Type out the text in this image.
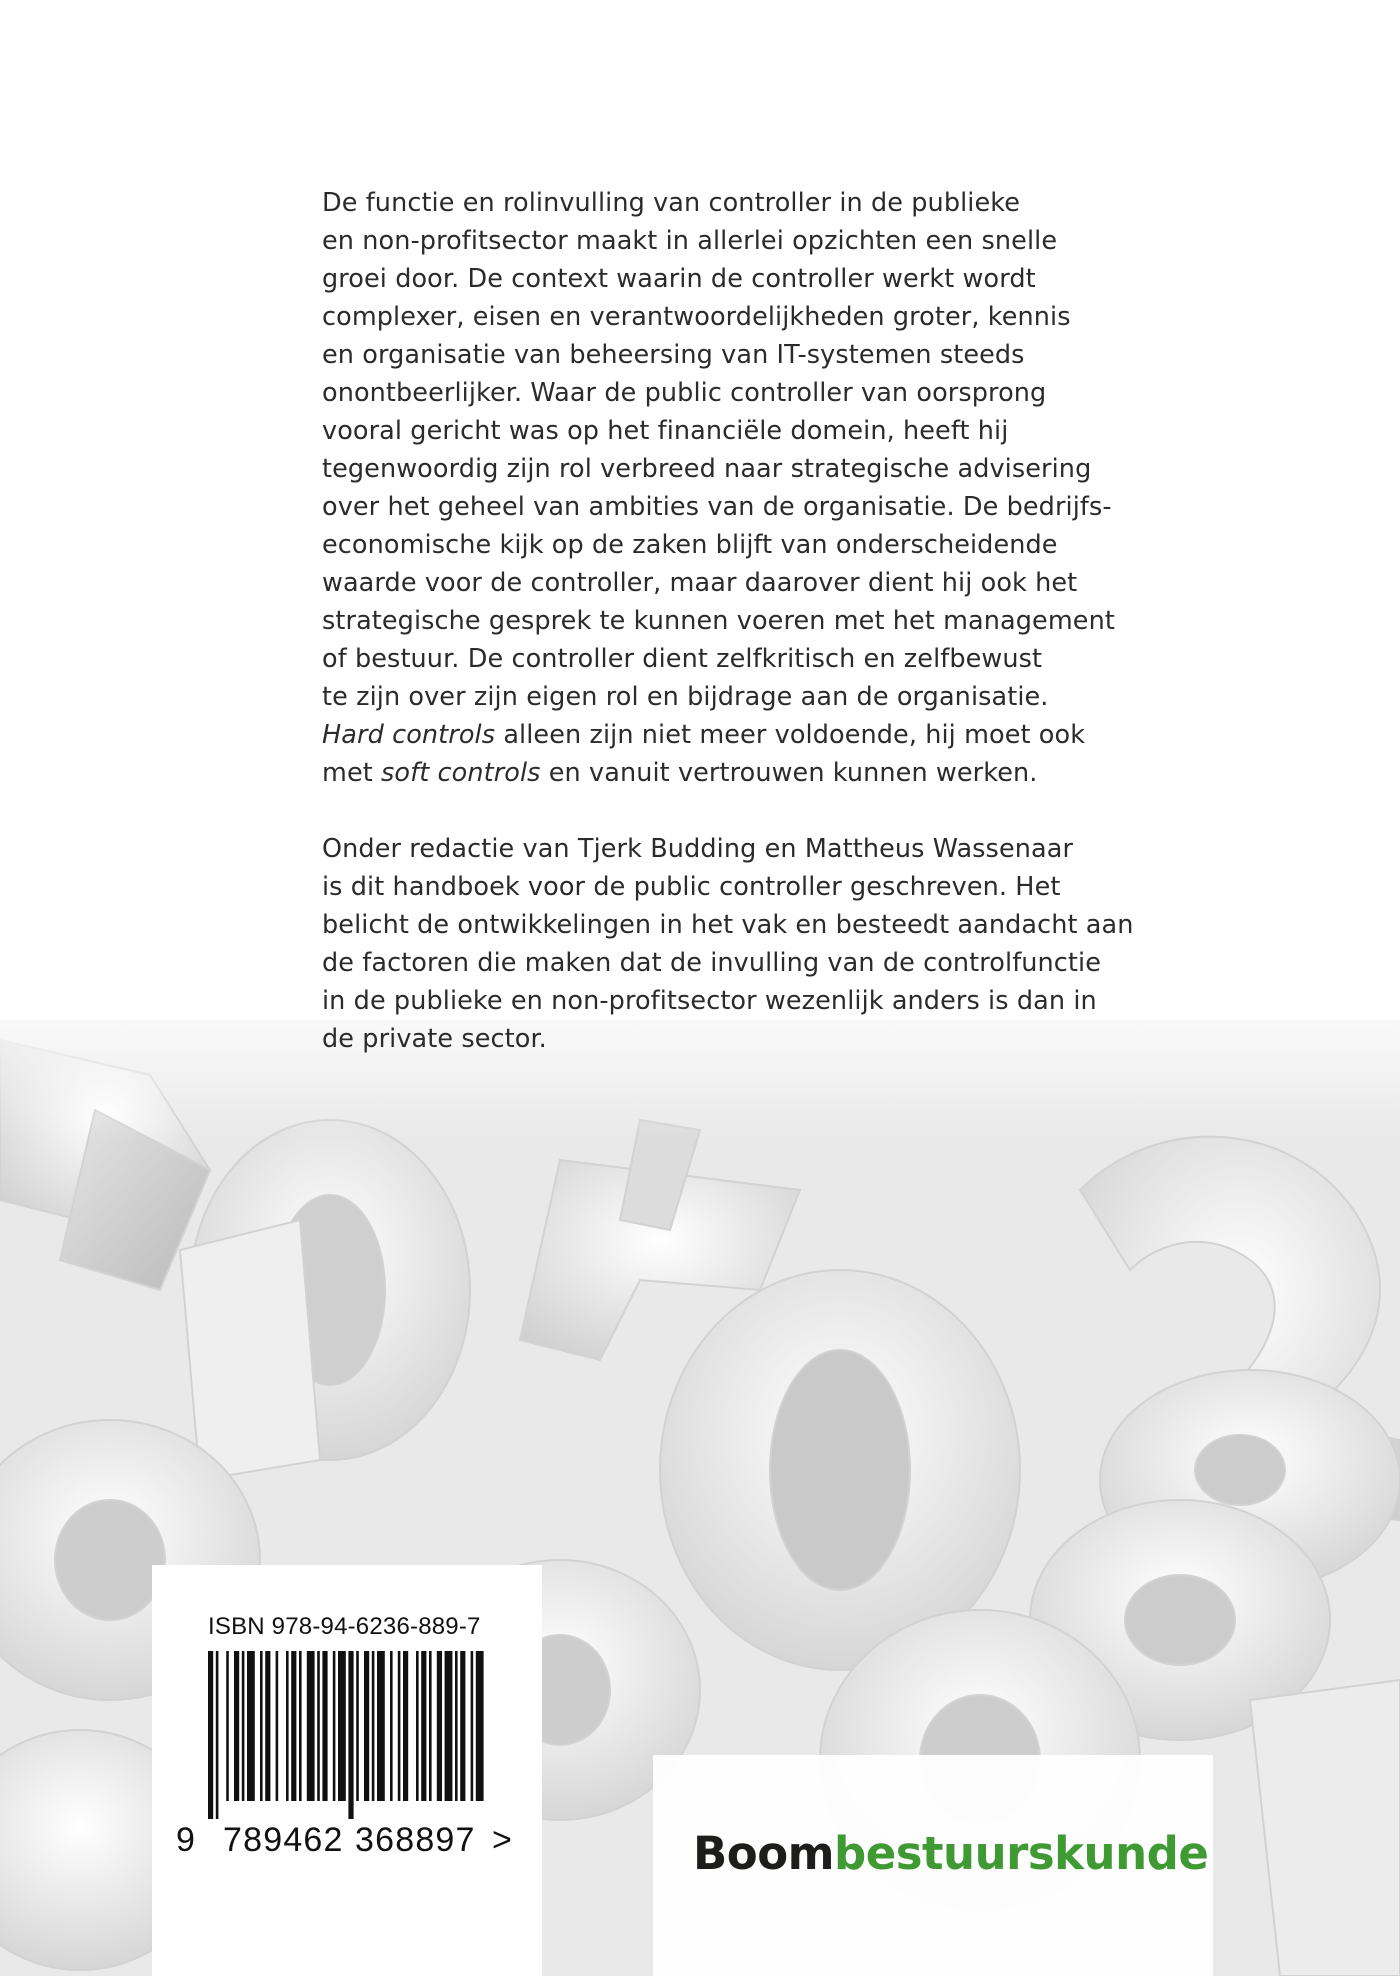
De functie en rolinvulling van controller in de publieke
en non-profitsector maakt in allerlei opzichten een snelle
groei door. De context waarin de controller werkt wordt
complexer, eisen en verantwoordelijkheden groter, kennis
en organisatie van beheersing van IT-systemen steeds
onontbeerlijker. Waar de public controller van oorsprong
vooral gericht was op het financiële domein, heeft hij
tegenwoordig zijn rol verbreed naar strategische advisering
over het geheel van ambities van de organisatie. De bedrijfs-
economische kijk op de zaken blijft van onderscheidende
waarde voor de controller, maar daarover dient hij ook het
strategische gesprek te kunnen voeren met het management
of bestuur. De controller dient zelfkritisch en zelfbewust
te zijn over zijn eigen rol en bijdrage aan de organisatie.
Hard controls alleen zijn niet meer voldoende, hij moet ook
met soft controls en vanuit vertrouwen kunnen werken.

Onder redactie van Tjerk Budding en Mattheus Wassenaar
is dit handboek voor de public controller geschreven. Het
belicht de ontwikkelingen in het vak en besteedt aandacht aan
de factoren die maken dat de invulling van de controlfunctie
in de publieke en non-profitsector wezenlijk anders is dan in
de private sector.

ISBN 978-94-6236-889-7
9 789462 368897 >	Boombestuurskunde
